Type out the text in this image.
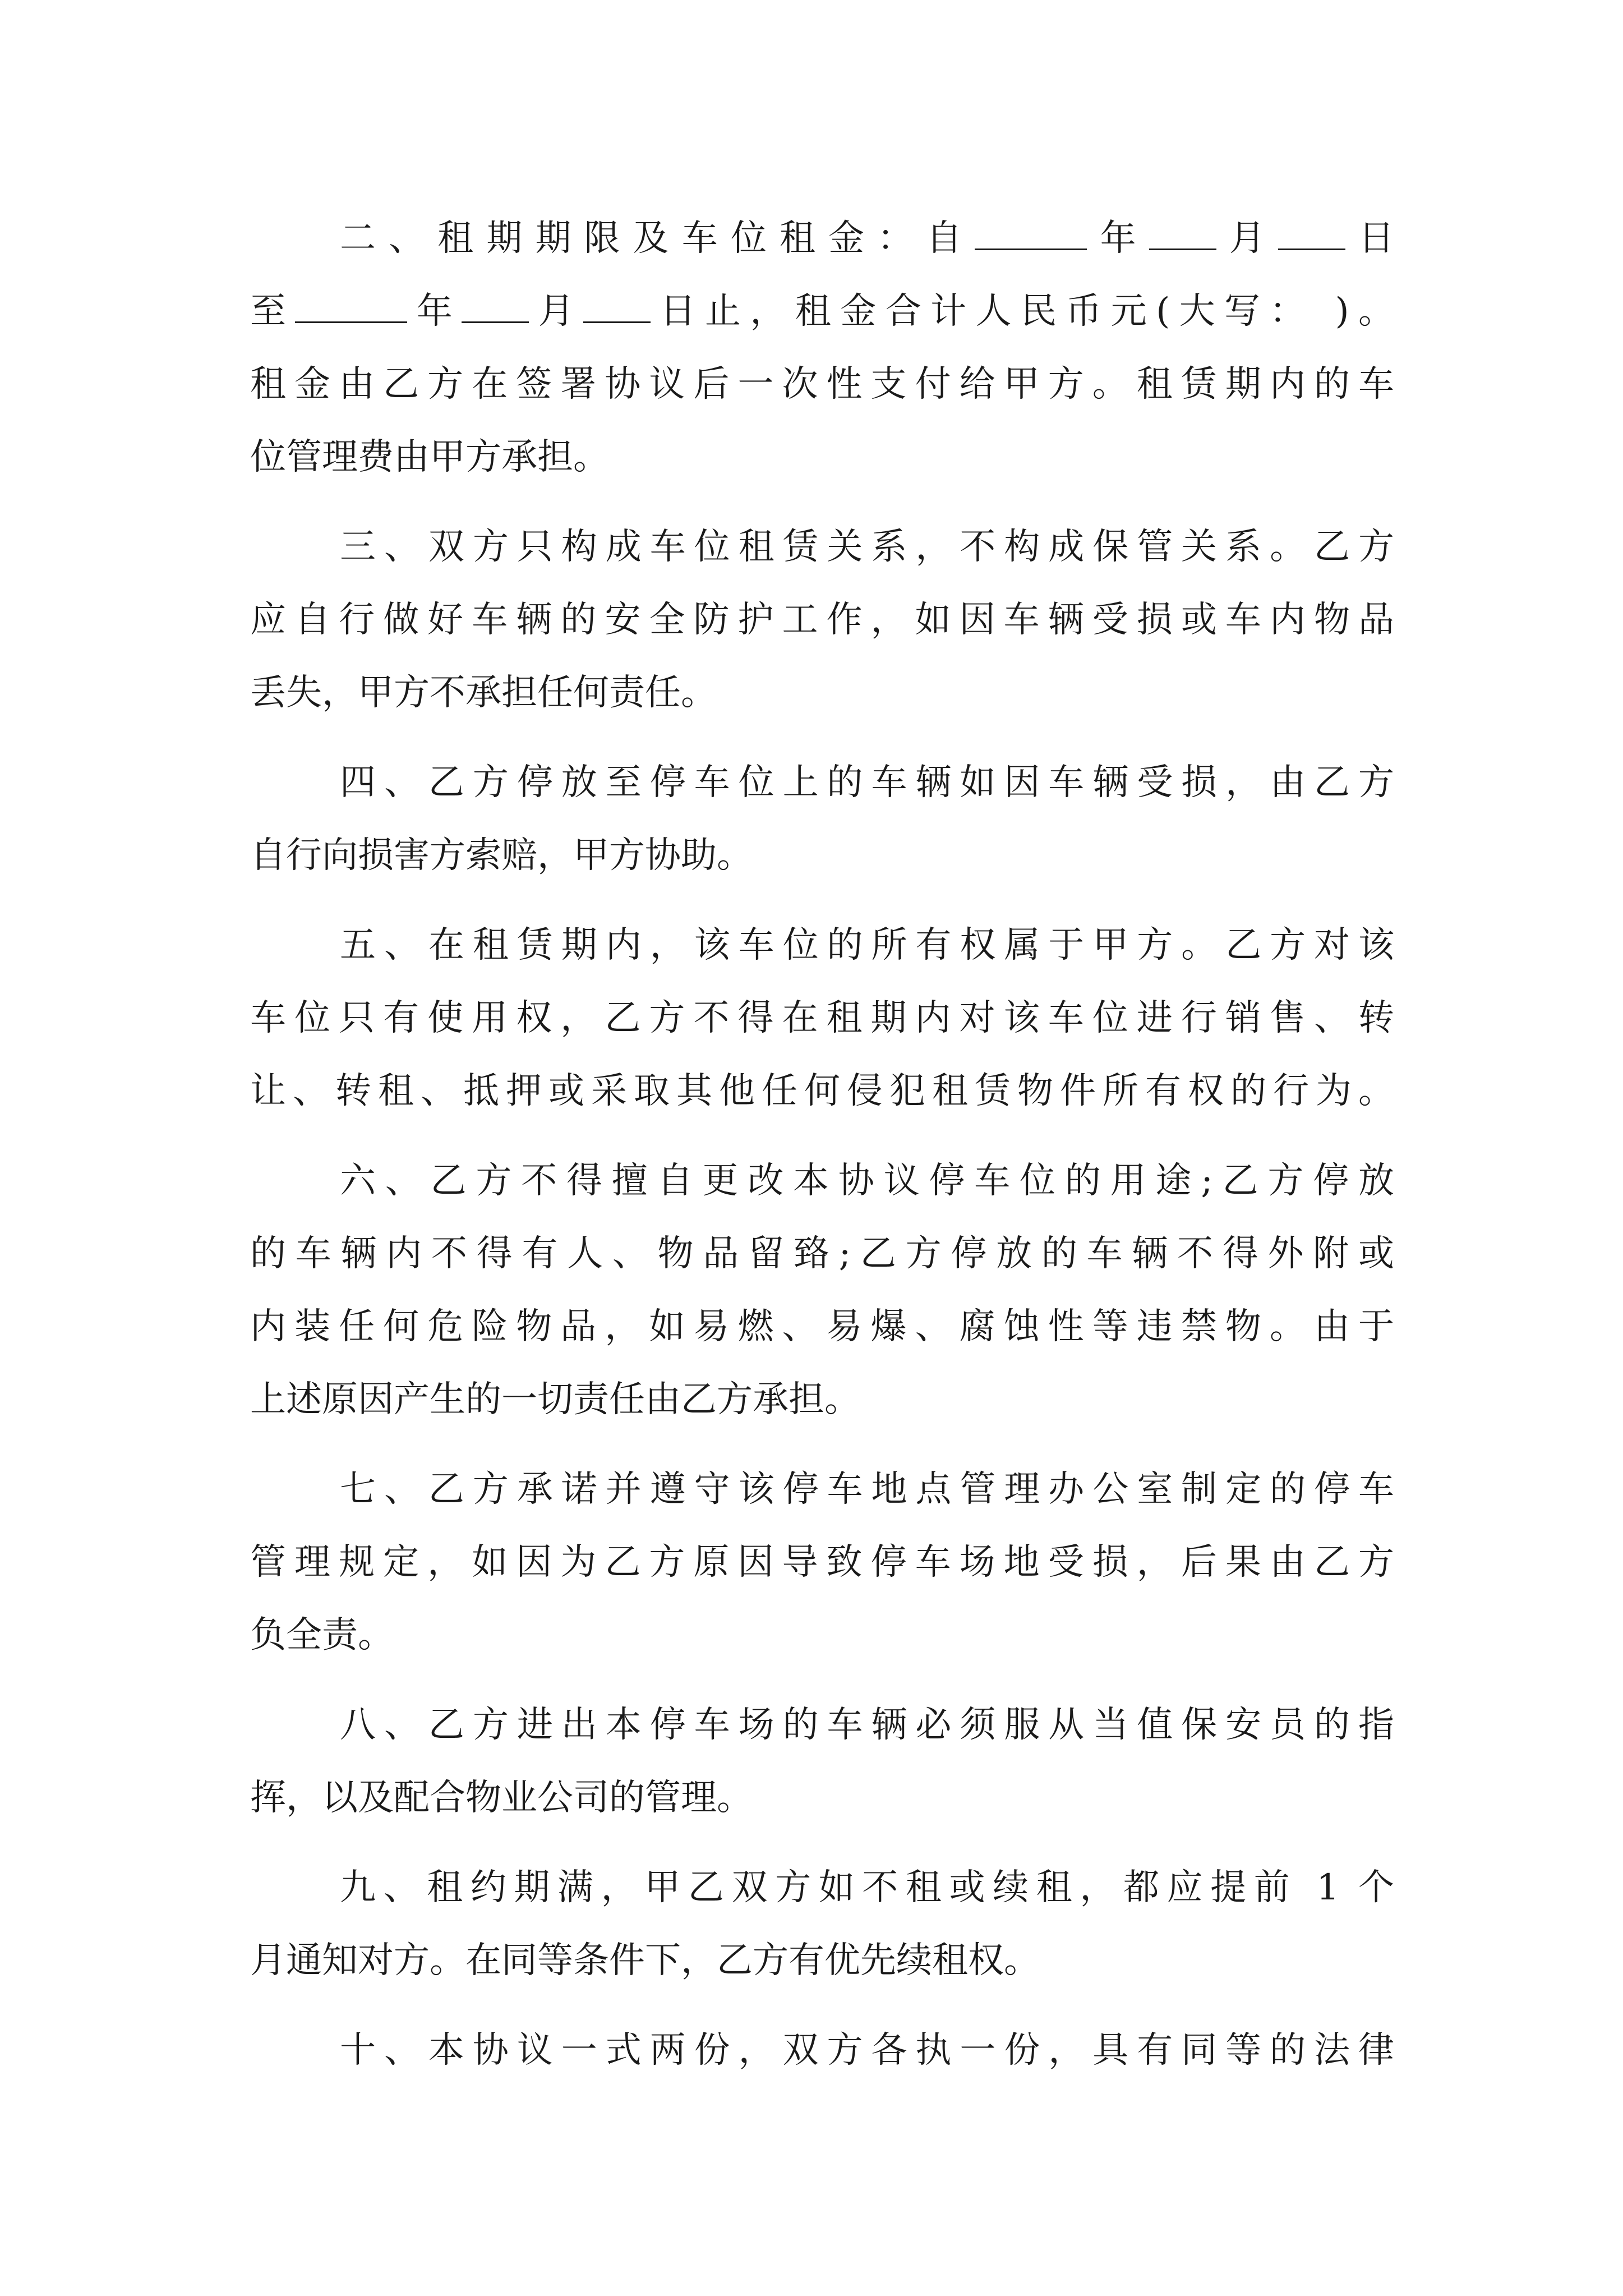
二、租期期限及车位租金：自	年 月 日
至	年 月 日止，租金合计人民币元(大写： )。
租金由乙方在签署协议后一次性支付给甲方。租赁期内的车
位管理费由甲方承担。
三、双方只构成车位租赁关系，不构成保管关系。乙方
应自行做好车辆的安全防护工作，如因车辆受损或车内物品
丢失，甲方不承担任何责任。
四、乙方停放至停车位上的车辆如因车辆受损，由乙方
自行向损害方索赔，甲方协助。
五、在租赁期内，该车位的所有权属于甲方。乙方对该
车位只有使用权，乙方不得在租期内对该车位进行销售、转
让、转租、抵押或采取其他任何侵犯租赁物件所有权的行为。
六、乙方不得擅自更改本协议停车位的用途;乙方停放
的车辆内不得有人、物品留臵;乙方停放的车辆不得外附或
内装任何危险物品，如易燃、易爆、腐蚀性等违禁物。由于
上述原因产生的一切责任由乙方承担。
七、乙方承诺并遵守该停车地点管理办公室制定的停车
管理规定，如因为乙方原因导致停车场地受损，后果由乙方
负全责。
八、乙方进出本停车场的车辆必须服从当值保安员的指
挥，以及配合物业公司的管理。
九、租约期满，甲乙双方如不租或续租，都应提前 1 个
月通知对方。在同等条件下，乙方有优先续租权。
十、本协议一式两份，双方各执一份，具有同等的法律
